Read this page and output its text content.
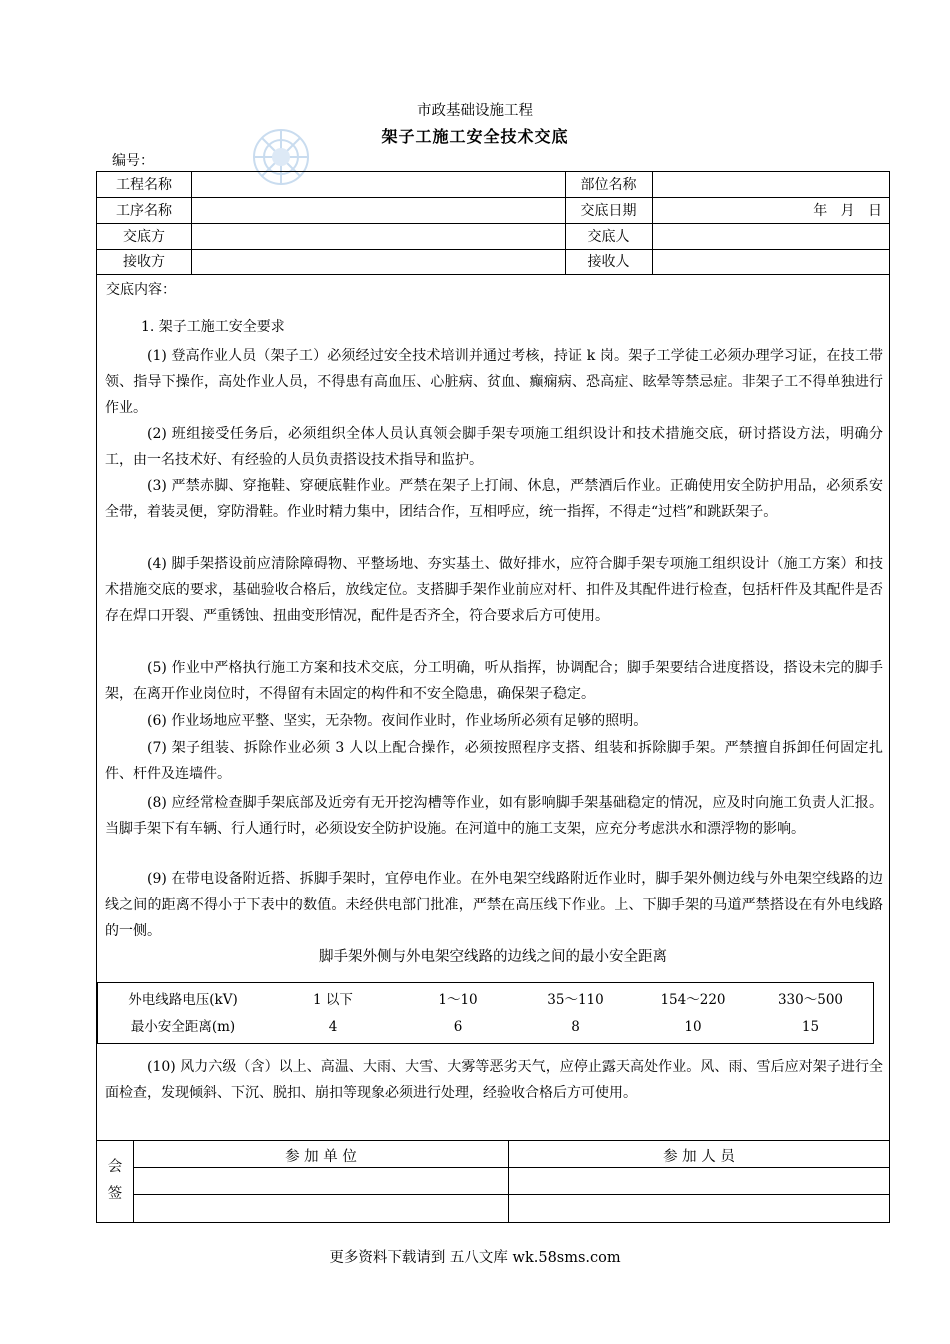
市政基础设施工程
架子工施工安全技术交底
编号：
工程名称	部位名称
工序名称	交底日期	年   月   日
交底方	交底人
接收方	接收人
交底内容：
1. 架子工施工安全要求

(1) 登高作业人员（架子工）必须经过安全技术培训并通过考核，持证 k 岗。架子工学徒工必须办理学习证，在技工带领、指导下操作，高处作业人员，不得患有高血压、心脏病、贫血、癫痫病、恐高症、眩晕等禁忌症。非架子工不得单独进行作业。

(2) 班组接受任务后，必须组织全体人员认真领会脚手架专项施工组织设计和技术措施交底，研讨搭设方法，明确分工，由一名技术好、有经验的人员负责搭设技术指导和监护。

(3) 严禁赤脚、穿拖鞋、穿硬底鞋作业。严禁在架子上打闹、休息，严禁酒后作业。正确使用安全防护用品，必须系安全带，着装灵便，穿防滑鞋。作业时精力集中，团结合作，互相呼应，统一指挥，不得走“过档”和跳跃架子。

(4) 脚手架搭设前应清除障碍物、平整场地、夯实基土、做好排水，应符合脚手架专项施工组织设计（施工方案）和技术措施交底的要求，基础验收合格后，放线定位。支搭脚手架作业前应对杆、扣件及其配件进行检查，包括杆件及其配件是否存在焊口开裂、严重锈蚀、扭曲变形情况，配件是否齐全，符合要求后方可使用。

(5) 作业中严格执行施工方案和技术交底，分工明确，听从指挥，协调配合；脚手架要结合进度搭设，搭设未完的脚手架，在离开作业岗位时，不得留有未固定的构件和不安全隐患，确保架子稳定。

(6) 作业场地应平整、坚实，无杂物。夜间作业时，作业场所必须有足够的照明。

(7) 架子组装、拆除作业必须 3 人以上配合操作，必须按照程序支搭、组装和拆除脚手架。严禁擅自拆卸任何固定扎件、杆件及连墙件。

(8) 应经常检查脚手架底部及近旁有无开挖沟槽等作业，如有影响脚手架基础稳定的情况，应及时向施工负责人汇报。当脚手架下有车辆、行人通行时，必须设安全防护设施。在河道中的施工支架，应充分考虑洪水和漂浮物的影响。

(9) 在带电设备附近搭、拆脚手架时，宜停电作业。在外电架空线路附近作业时，脚手架外侧边线与外电架空线路的边线之间的距离不得小于下表中的数值。未经供电部门批准，严禁在高压线下作业。上、下脚手架的马道严禁搭设在有外电线路的一侧。

脚手架外侧与外电架空线路的边线之间的最小安全距离
外电线路电压(kV)	1 以下	1～10	35～110	154～220	330～500
最小安全距离(m)	4	6	8	10	15

(10) 风力六级（含）以上、高温、大雨、大雪、大雾等恶劣天气，应停止露天高处作业。风、雨、雪后应对架子进行全面检查，发现倾斜、下沉、脱扣、崩扣等现象必须进行处理，经验收合格后方可使用。

会
签
参 加 单 位	参 加 人 员
更多资料下载请到 五八文库 wk.58sms.com
